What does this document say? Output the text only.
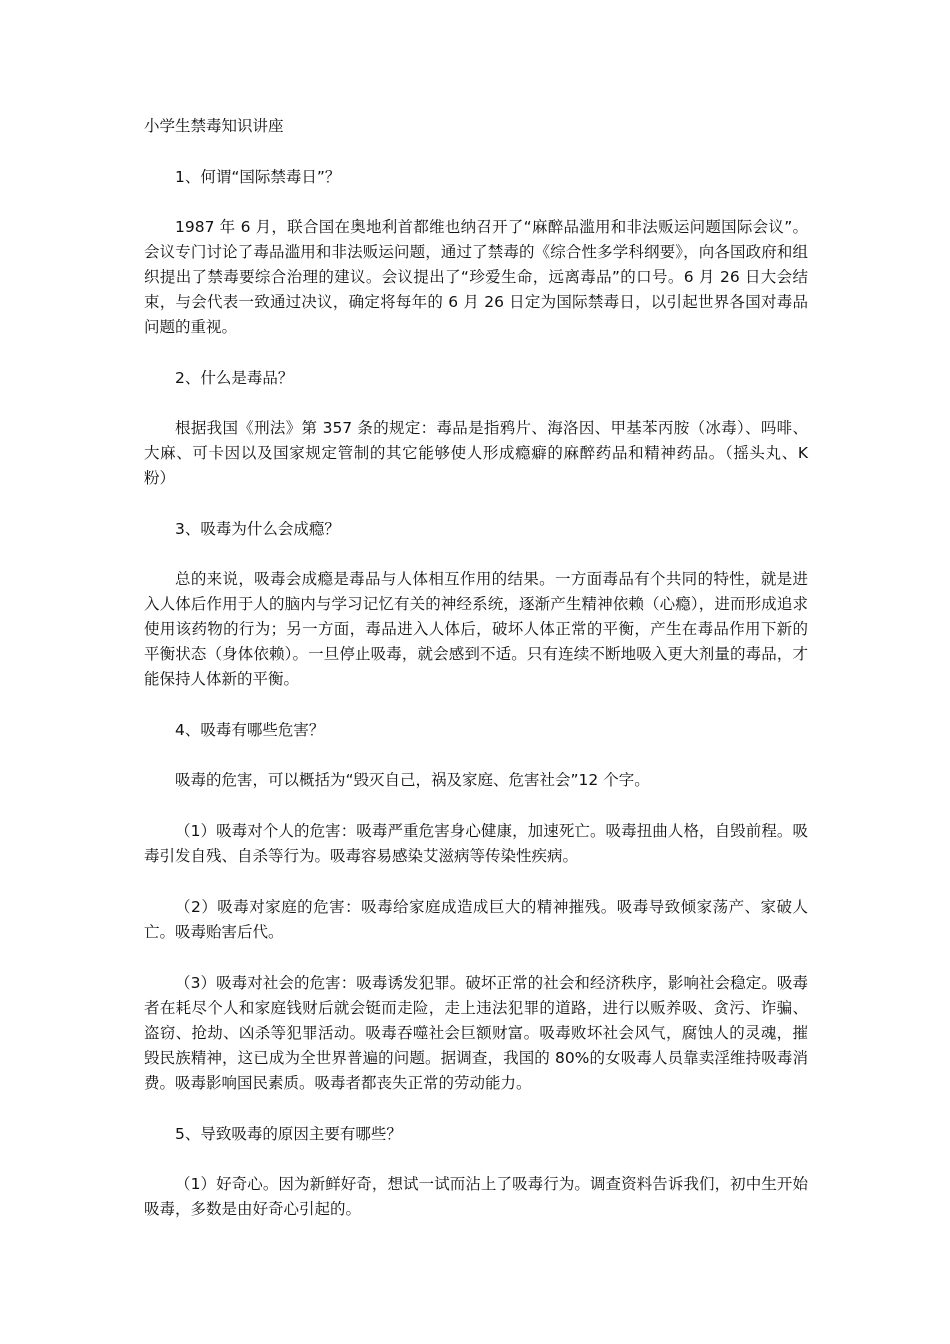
小学生禁毒知识讲座
1、何谓“国际禁毒日”？
1987 年 6 月，联合国在奥地利首都维也纳召开了“麻醉品滥用和非法贩运问题国际会议”。会议专门讨论了毒品滥用和非法贩运问题，通过了禁毒的《综合性多学科纲要》，向各国政府和组织提出了禁毒要综合治理的建议。会议提出了“珍爱生命，远离毒品”的口号。6 月 26 日大会结束，与会代表一致通过决议，确定将每年的 6 月 26 日定为国际禁毒日，以引起世界各国对毒品问题的重视。
2、什么是毒品？
根据我国《刑法》第 357 条的规定：毒品是指鸦片、海洛因、甲基苯丙胺（冰毒）、吗啡、大麻、可卡因以及国家规定管制的其它能够使人形成瘾癖的麻醉药品和精神药品。（摇头丸、K 粉）
3、吸毒为什么会成瘾？
总的来说，吸毒会成瘾是毒品与人体相互作用的结果。一方面毒品有个共同的特性，就是进入人体后作用于人的脑内与学习记忆有关的神经系统，逐渐产生精神依赖（心瘾），进而形成追求使用该药物的行为；另一方面，毒品进入人体后，破坏人体正常的平衡，产生在毒品作用下新的平衡状态（身体依赖）。一旦停止吸毒，就会感到不适。只有连续不断地吸入更大剂量的毒品，才能保持人体新的平衡。
4、吸毒有哪些危害？
吸毒的危害，可以概括为“毁灭自己，祸及家庭、危害社会”12 个字。
（1）吸毒对个人的危害：吸毒严重危害身心健康，加速死亡。吸毒扭曲人格，自毁前程。吸毒引发自残、自杀等行为。吸毒容易感染艾滋病等传染性疾病。
（2）吸毒对家庭的危害：吸毒给家庭成造成巨大的精神摧残。吸毒导致倾家荡产、家破人亡。吸毒贻害后代。
（3）吸毒对社会的危害：吸毒诱发犯罪。破坏正常的社会和经济秩序，影响社会稳定。吸毒者在耗尽个人和家庭钱财后就会铤而走险，走上违法犯罪的道路，进行以贩养吸、贪污、诈骗、盗窃、抢劫、凶杀等犯罪活动。吸毒吞噬社会巨额财富。吸毒败坏社会风气，腐蚀人的灵魂，摧毁民族精神，这已成为全世界普遍的问题。据调查，我国的 80%的女吸毒人员靠卖淫维持吸毒消费。吸毒影响国民素质。吸毒者都丧失正常的劳动能力。
5、导致吸毒的原因主要有哪些？
（1）好奇心。因为新鲜好奇，想试一试而沾上了吸毒行为。调查资料告诉我们，初中生开始吸毒，多数是由好奇心引起的。
